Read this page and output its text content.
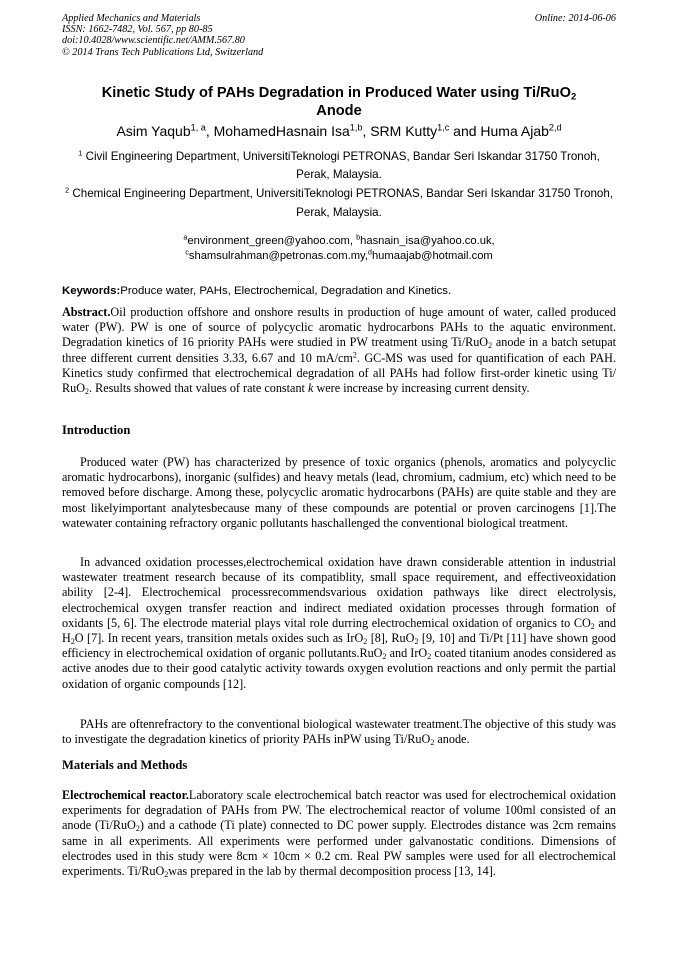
Applied Mechanics and Materials
ISSN: 1662-7482, Vol. 567, pp 80-85
doi:10.4028/www.scientific.net/AMM.567.80
© 2014 Trans Tech Publications Ltd, Switzerland
Online: 2014-06-06
Kinetic Study of PAHs Degradation in Produced Water using Ti/RuO$_2$
Anode
Asim Yaqub$^{1, a}$, MohamedHasnain Isa$^{1,b}$, SRM Kutty$^{1,c}$ and Huma Ajab$^{2,d}$
$^1$ Civil Engineering Department, UniversitiTeknologi PETRONAS, Bandar Seri Iskandar 31750 Tronoh, Perak, Malaysia.
$^2$ Chemical Engineering Department, UniversitiTeknologi PETRONAS, Bandar Seri Iskandar 31750 Tronoh, Perak, Malaysia.
$^a$environment_green@yahoo.com, $^b$hasnain_isa@yahoo.co.uk,
$^c$shamsulrahman@petronas.com.my,$^d$humaajab@hotmail.com
Keywords:Produce water, PAHs, Electrochemical, Degradation and Kinetics.
Abstract.Oil production offshore and onshore results in production of huge amount of water, called produced water (PW). PW is one of source of polycyclic aromatic hydrocarbons PAHs to the aquatic environment. Degradation kinetics of 16 priority PAHs were studied in PW treatment using Ti/RuO$_2$ anode in a batch setupat three different current densities 3.33, 6.67 and 10 $mA/cm^2$. GC-MS was used for quantification of each PAH. Kinetics study confirmed that electrochemical degradation of all PAHs had follow first-order kinetic using Ti/ RuO$_2$. Results showed that values of rate constant k were increase by increasing current density.
Introduction
Produced water (PW) has characterized by presence of toxic organics (phenols, aromatics and polycyclic aromatic hydrocarbons), inorganic (sulfides) and heavy metals (lead, chromium, cadmium, etc) which need to be removed before discharge. Among these, polycyclic aromatic hydrocarbons (PAHs) are quite stable and they are most likelyimportant analytesbecause many of these compounds are potential or proven carcinogens [1].The watewater containing refractory organic pollutants haschallenged the conventional biological treatment.
In advanced oxidation processes,electrochemical oxidation have drawn considerable attention in industrial wastewater treatment research because of its compatiblity, small space requirement, and effectiveoxidation ability [2-4]. Electrochemical processrecommendsvarious oxidation pathways like direct electrolysis, electrochemical oxygen transfer reaction and indirect mediated oxidation processes through formation of oxidants [5, 6]. The electrode material plays vital role durring electrochemical oxidation of organics to $CO_2$ and $H_2O$ [7]. In recent years, transition metals oxides such as IrO$_2$ [8], RuO$_2$ [9, 10] and Ti/Pt [11] have shown good efficiency in electrochemical oxidation of organic pollutants.RuO$_2$ and IrO$_2$ coated titanium anodes considered as active anodes due to their good catalytic activity towards oxygen evolution reactions and only permit the partial oxidation of organic compounds [12].
PAHs are oftenrefractory to the conventional biological wastewater treatment.The objective of this study was to investigate the degradation kinetics of priority PAHs inPW using Ti/RuO$_2$ anode.
Materials and Methods
Electrochemical reactor.Laboratory scale electrochemical batch reactor was used for electrochemical oxidation experiments for degradation of PAHs from PW. The electrochemical reactor of volume 100ml consisted of an anode (Ti/RuO$_2$) and a cathode (Ti plate) connected to DC power supply. Electrodes distance was 2cm remains same in all experiments. All experiments were performed under galvanostatic conditions. Dimensions of electrodes used in this study were 8cm × 10cm × 0.2 cm. Real PW samples were used for all electrochemical experiments. Ti/RuO$_2$was prepared in the lab by thermal decomposition process [13, 14].
